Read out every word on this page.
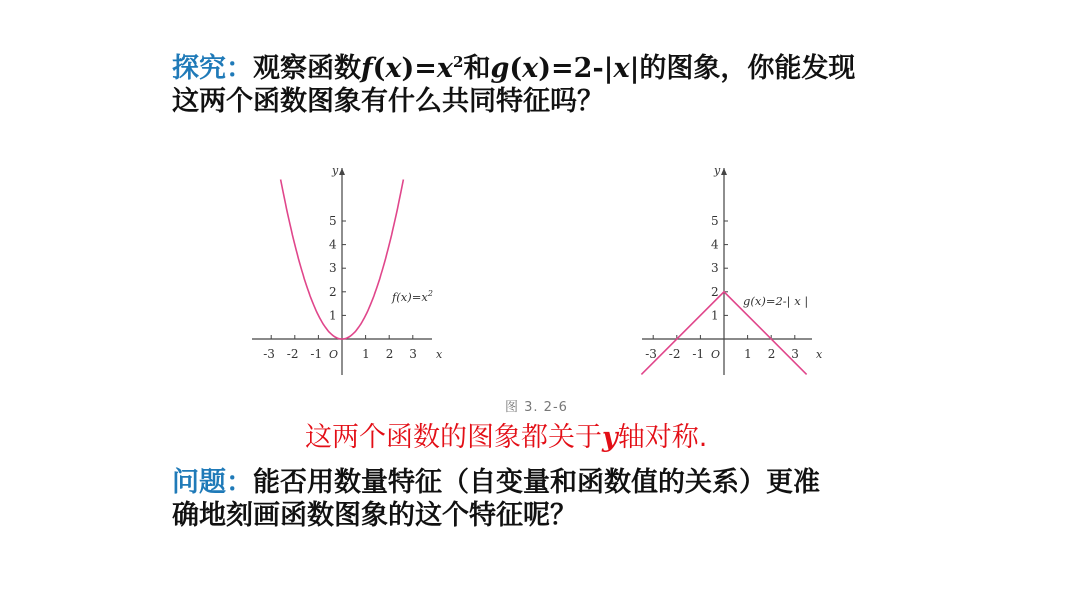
探究：观察函数$f(x)=x^2$和g(x)=2-|x|的图象，你能发现
这两个函数图象有什么共同特征吗？
y
x
O
-3 -2 -1	1 2 3
1
2
3
4
5
$f(x)=x^2$
y
x
O
-3 -2 -1	1 2 3
1
2
3
4
5
g(x)=2-| x |
图 3. 2-6
这两个函数的图象都关于y轴对称.
问题：能否用数量特征（自变量和函数值的关系）更准
确地刻画函数图象的这个特征呢？
